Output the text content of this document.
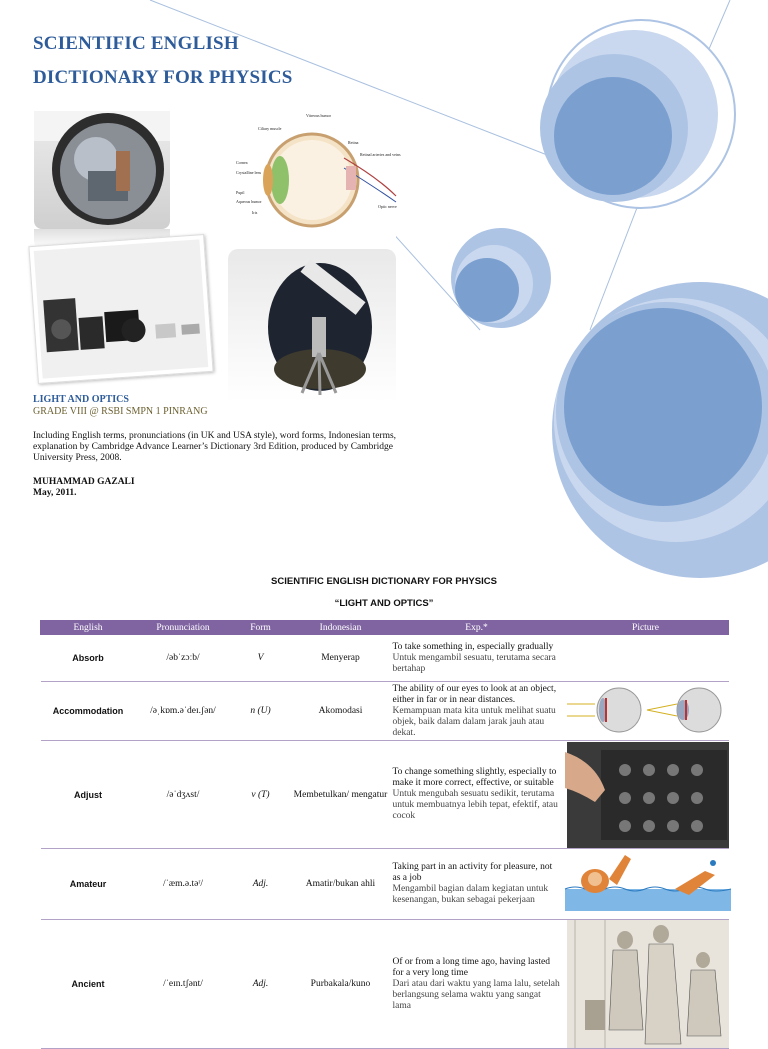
SCIENTIFIC ENGLISH
DICTIONARY FOR PHYSICS
Vitreous humor
Ciliary muscle
Retina
Retinal arteries and veins
Cornea
Crystalline lens
Pupil
Aqueous humor
Iris
Optic nerve
LIGHT AND OPTICS
GRADE VIII @ RSBI SMPN 1 PINRANG
Including English terms, pronunciations (in UK and USA style), word forms, Indonesian terms, explanation by Cambridge Advance Learner’s Dictionary 3rd Edition, produced by Cambridge University Press, 2008.
MUHAMMAD GAZALI
May, 2011.
SCIENTIFIC ENGLISH DICTIONARY FOR PHYSICS
“LIGHT AND OPTICS”
English	Pronunciation	Form	Indonesian	Exp.*	Picture
Absorb	/əbˈzɔːb/	V	Menyerap	To take something in, especially gradually
Untuk mengambil sesuatu, terutama secara bertahap	

Accommodation	/əˌkɒm.əˈdeɪ.ʃən/	n (U)	Akomodasi	The ability of our eyes to look at an object, either in far or in near distances.
Kemampuan mata kita untuk melihat suatu objek, baik dalam dalam jarak jauh atau dekat.

Adjust	/əˈdʒʌst/	v (T)	Membetulkan/ mengatur	To change something slightly, especially to make it more correct, effective, or suitable
Untuk mengubah sesuatu sedikit, terutama untuk membuatnya lebih tepat, efektif, atau cocok

Amateur	/ˈæm.ə.təʳ/	Adj.	Amatir/bukan ahli	Taking part in an activity for pleasure, not as a job
Mengambil bagian dalam kegiatan untuk kesenangan, bukan sebagai pekerjaan

Ancient	/ˈeɪn.tʃənt/	Adj.	Purbakala/kuno	Of or from a long time ago, having lasted for a very long time
Dari atau dari waktu yang lama lalu, setelah berlangsung selama waktu yang sangat lama
